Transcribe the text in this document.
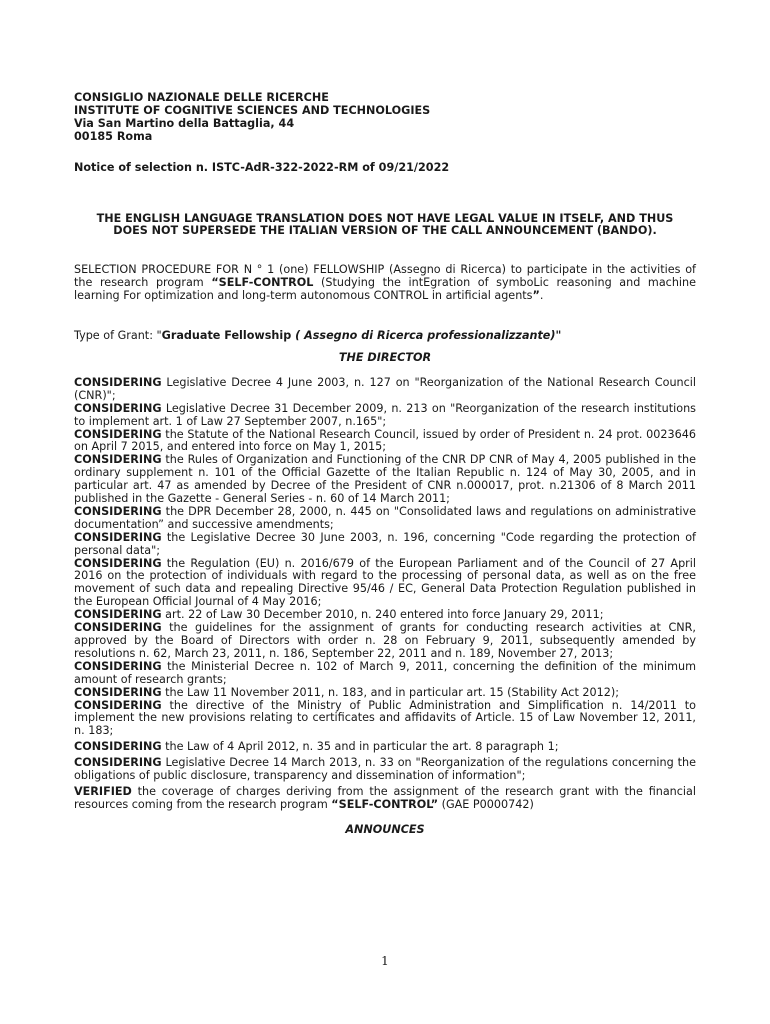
CONSIGLIO NAZIONALE DELLE RICERCHE
INSTITUTE OF COGNITIVE SCIENCES AND TECHNOLOGIES
Via San Martino della Battaglia, 44
00185 Roma
Notice of selection n. ISTC-AdR-322-2022-RM of 09/21/2022
THE ENGLISH LANGUAGE TRANSLATION DOES NOT HAVE LEGAL VALUE IN ITSELF, AND THUS DOES NOT SUPERSEDE THE ITALIAN VERSION OF THE CALL ANNOUNCEMENT (BANDO).
SELECTION PROCEDURE FOR N ° 1 (one) FELLOWSHIP (Assegno di Ricerca) to participate in the activities of the research program “SELF-CONTROL (Studying the intEgration of symboLic reasoning and machine learning For optimization and long-term autonomous CONTROL in artificial agents”.
Type of Grant: "Graduate Fellowship ( Assegno di Ricerca professionalizzante)"
THE DIRECTOR
CONSIDERING Legislative Decree 4 June 2003, n. 127 on "Reorganization of the National Research Council (CNR)";
CONSIDERING Legislative Decree 31 December 2009, n. 213 on "Reorganization of the research institutions to implement art. 1 of Law 27 September 2007, n.165";
CONSIDERING the Statute of the National Research Council, issued by order of President n. 24 prot. 0023646 on April 7 2015, and entered into force on May 1, 2015;
CONSIDERING the Rules of Organization and Functioning of the CNR DP CNR of May 4, 2005 published in the ordinary supplement n. 101 of the Official Gazette of the Italian Republic n. 124 of May 30, 2005, and in particular art. 47 as amended by Decree of the President of CNR n.000017, prot. n.21306 of 8 March 2011 published in the Gazette - General Series - n. 60 of 14 March 2011;
CONSIDERING the DPR December 28, 2000, n. 445 on "Consolidated laws and regulations on administrative documentation” and successive amendments;
CONSIDERING the Legislative Decree 30 June 2003, n. 196, concerning "Code regarding the protection of personal data";
CONSIDERING the Regulation (EU) n. 2016/679 of the European Parliament and of the Council of 27 April 2016 on the protection of individuals with regard to the processing of personal data, as well as on the free movement of such data and repealing Directive 95/46 / EC, General Data Protection Regulation published in the European Official Journal of 4 May 2016;
CONSIDERING art. 22 of Law 30 December 2010, n. 240 entered into force January 29, 2011;
CONSIDERING the guidelines for the assignment of grants for conducting research activities at CNR, approved by the Board of Directors with order n. 28 on February 9, 2011, subsequently amended by resolutions n. 62, March 23, 2011, n. 186, September 22, 2011 and n. 189, November 27, 2013;
CONSIDERING the Ministerial Decree n. 102 of March 9, 2011, concerning the definition of the minimum amount of research grants;
CONSIDERING the Law 11 November 2011, n. 183, and in particular art. 15 (Stability Act 2012);
CONSIDERING the directive of the Ministry of Public Administration and Simplification n. 14/2011 to implement the new provisions relating to certificates and affidavits of Article. 15 of Law November 12, 2011, n. 183;
CONSIDERING the Law of 4 April 2012, n. 35 and in particular the art. 8 paragraph 1;
CONSIDERING Legislative Decree 14 March 2013, n. 33 on "Reorganization of the regulations concerning the obligations of public disclosure, transparency and dissemination of information";
VERIFIED the coverage of charges deriving from the assignment of the research grant with the financial resources coming from the research program “SELF-CONTROL” (GAE P0000742)
ANNOUNCES
1
